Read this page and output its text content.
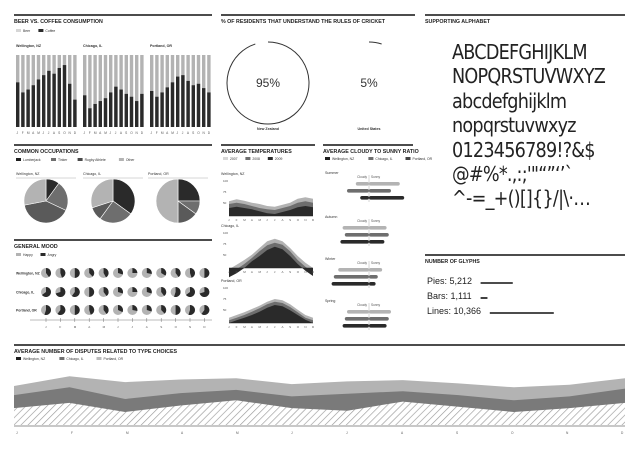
BEER VS. COFFEE CONSUMPTION
Beer	Coffee
Wellington, NZ
J F M A M J J A S O N D
Chicago, IL
J F M A M J J A S O N D
Portland, OR
J F M A M J J A S O N D
% OF RESIDENTS THAT UNDERSTAND THE RULES OF CRICKET
95%
New Zealand
5%
United States
SUPPORTING ALPHABET
COMMON OCCUPATIONS
Lumberjack	Tinker	Rugby Athlete	Other
Wellington, NZ	Chicago, IL	Portland, OR
AVERAGE TEMPERATURES
2007	2008	2009
Wellington, NZ
100
75
50
J F M A M J J A S O N D
Chicago, IL
100
75
50
J F M A M J J A S O N D
Portland, OR
100
75
50
J F M A M J J A S O N D
AVERAGE CLOUDY TO SUNNY RATIO
Wellington, NZ	Chicago, IL	Portland, OR
Summer
Cloudy Sunny
Autumn
Cloudy Sunny
Winter
Cloudy Sunny
Spring
Cloudy Sunny
GENERAL MOOD
Happy	Angry
Wellington, NZ
Chicago, IL
Portland, OR
J	F	M	A	M	J	J	A	S	O	N	D
NUMBER OF GLYPHS
Pies: 5,212
Bars: 1,111
Lines: 10,366
AVERAGE NUMBER OF DISPUTES RELATED TO TYPE CHOICES
Wellington, NZ	Chicago, IL	Portland, OR
J	F	M	A	M	J	J	A	S	O	N	D
ABCDEFGHIJKLM
NOPQRSTUVWXYZ
abcdefghijklm
nopqrstuvwxyz
0123456789!?&$
@#%*.,:;'"“”‘’`
^-=_+()[]{}/|\·…
